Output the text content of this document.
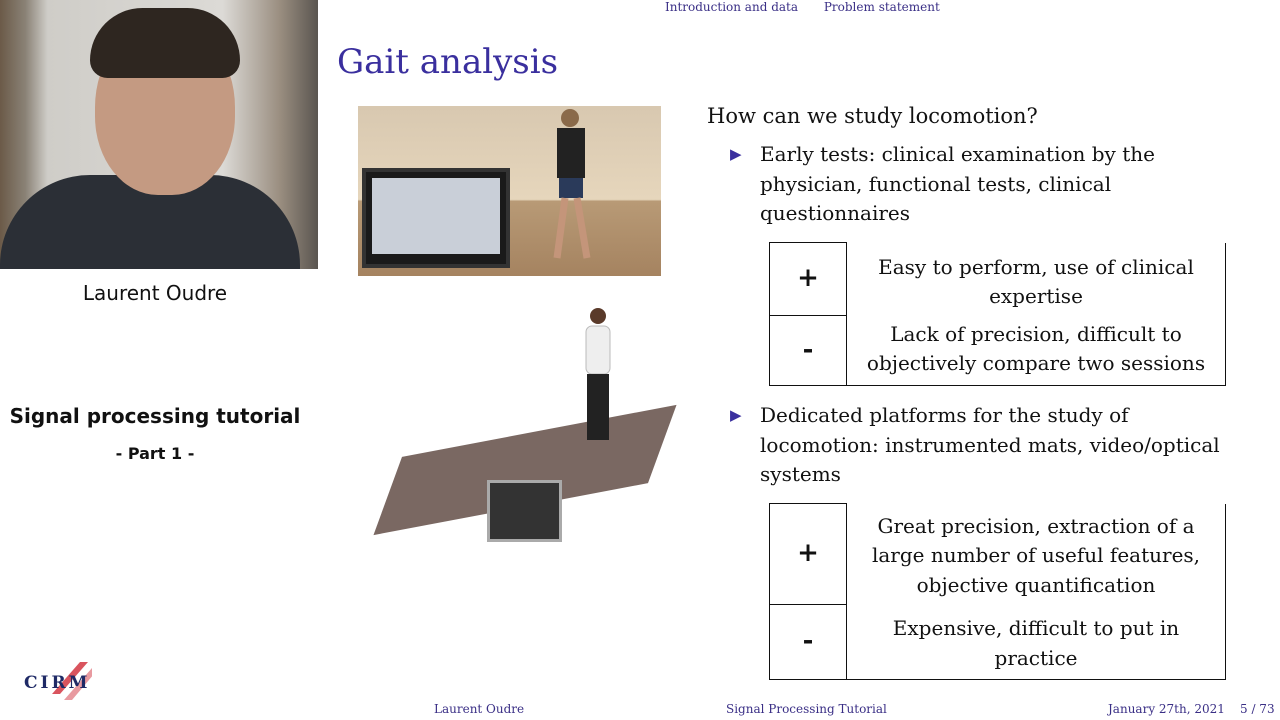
Laurent Oudre
Signal processing tutorial
- Part 1 -
CIRM
Introduction and data Problem statement
Gait analysis
How can we study locomotion?
▶ Early tests: clinical examination by the physician, functional tests, clinical questionnaires
+	Easy to perform, use of clinical expertise
-	Lack of precision, difficult to objectively compare two sessions
▶ Dedicated platforms for the study of locomotion: instrumented mats, video/optical systems
+	Great precision, extraction of a large number of useful features, objective quantification
-	Expensive, difficult to put in practice
Laurent Oudre	Signal Processing Tutorial	January 27th, 2021 5 / 73
